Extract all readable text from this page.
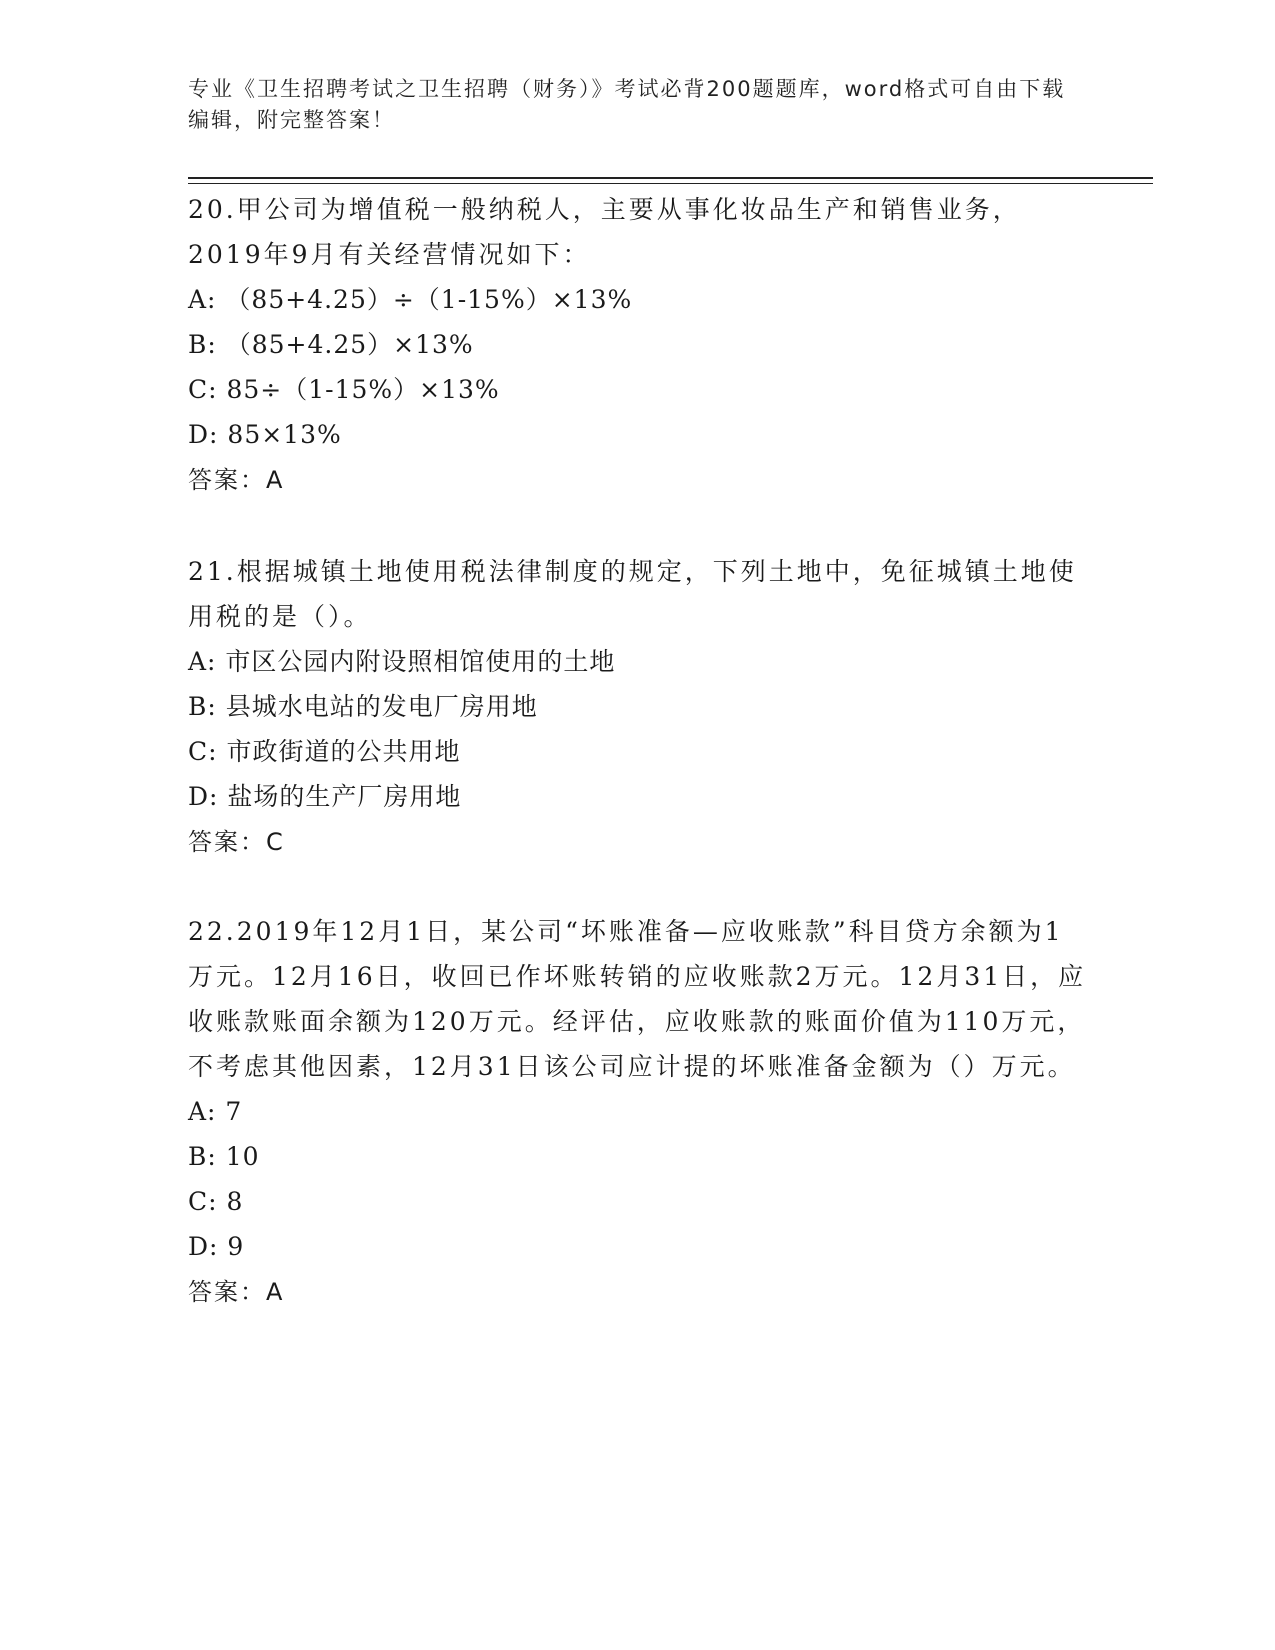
专业《卫生招聘考试之卫生招聘（财务）》考试必背200题题库，word格式可自由下载编辑，附完整答案！

20.甲公司为增值税一般纳税人，主要从事化妆品生产和销售业务，2019年9月有关经营情况如下：

A: （85+4.25）÷（1-15%）×13%

B: （85+4.25）×13%

C: 85÷（1-15%）×13%

D: 85×13%

答案：A

21.根据城镇土地使用税法律制度的规定，下列土地中，免征城镇土地使用税的是（）。

A: 市区公园内附设照相馆使用的土地

B: 县城水电站的发电厂房用地

C: 市政街道的公共用地

D: 盐场的生产厂房用地

答案：C

22.2019年12月1日，某公司“坏账准备—应收账款”科目贷方余额为1万元。12月16日，收回已作坏账转销的应收账款2万元。12月31日，应收账款账面余额为120万元。经评估，应收账款的账面价值为110万元，不考虑其他因素，12月31日该公司应计提的坏账准备金额为（）万元。

A: 7

B: 10

C: 8

D: 9

答案：A
